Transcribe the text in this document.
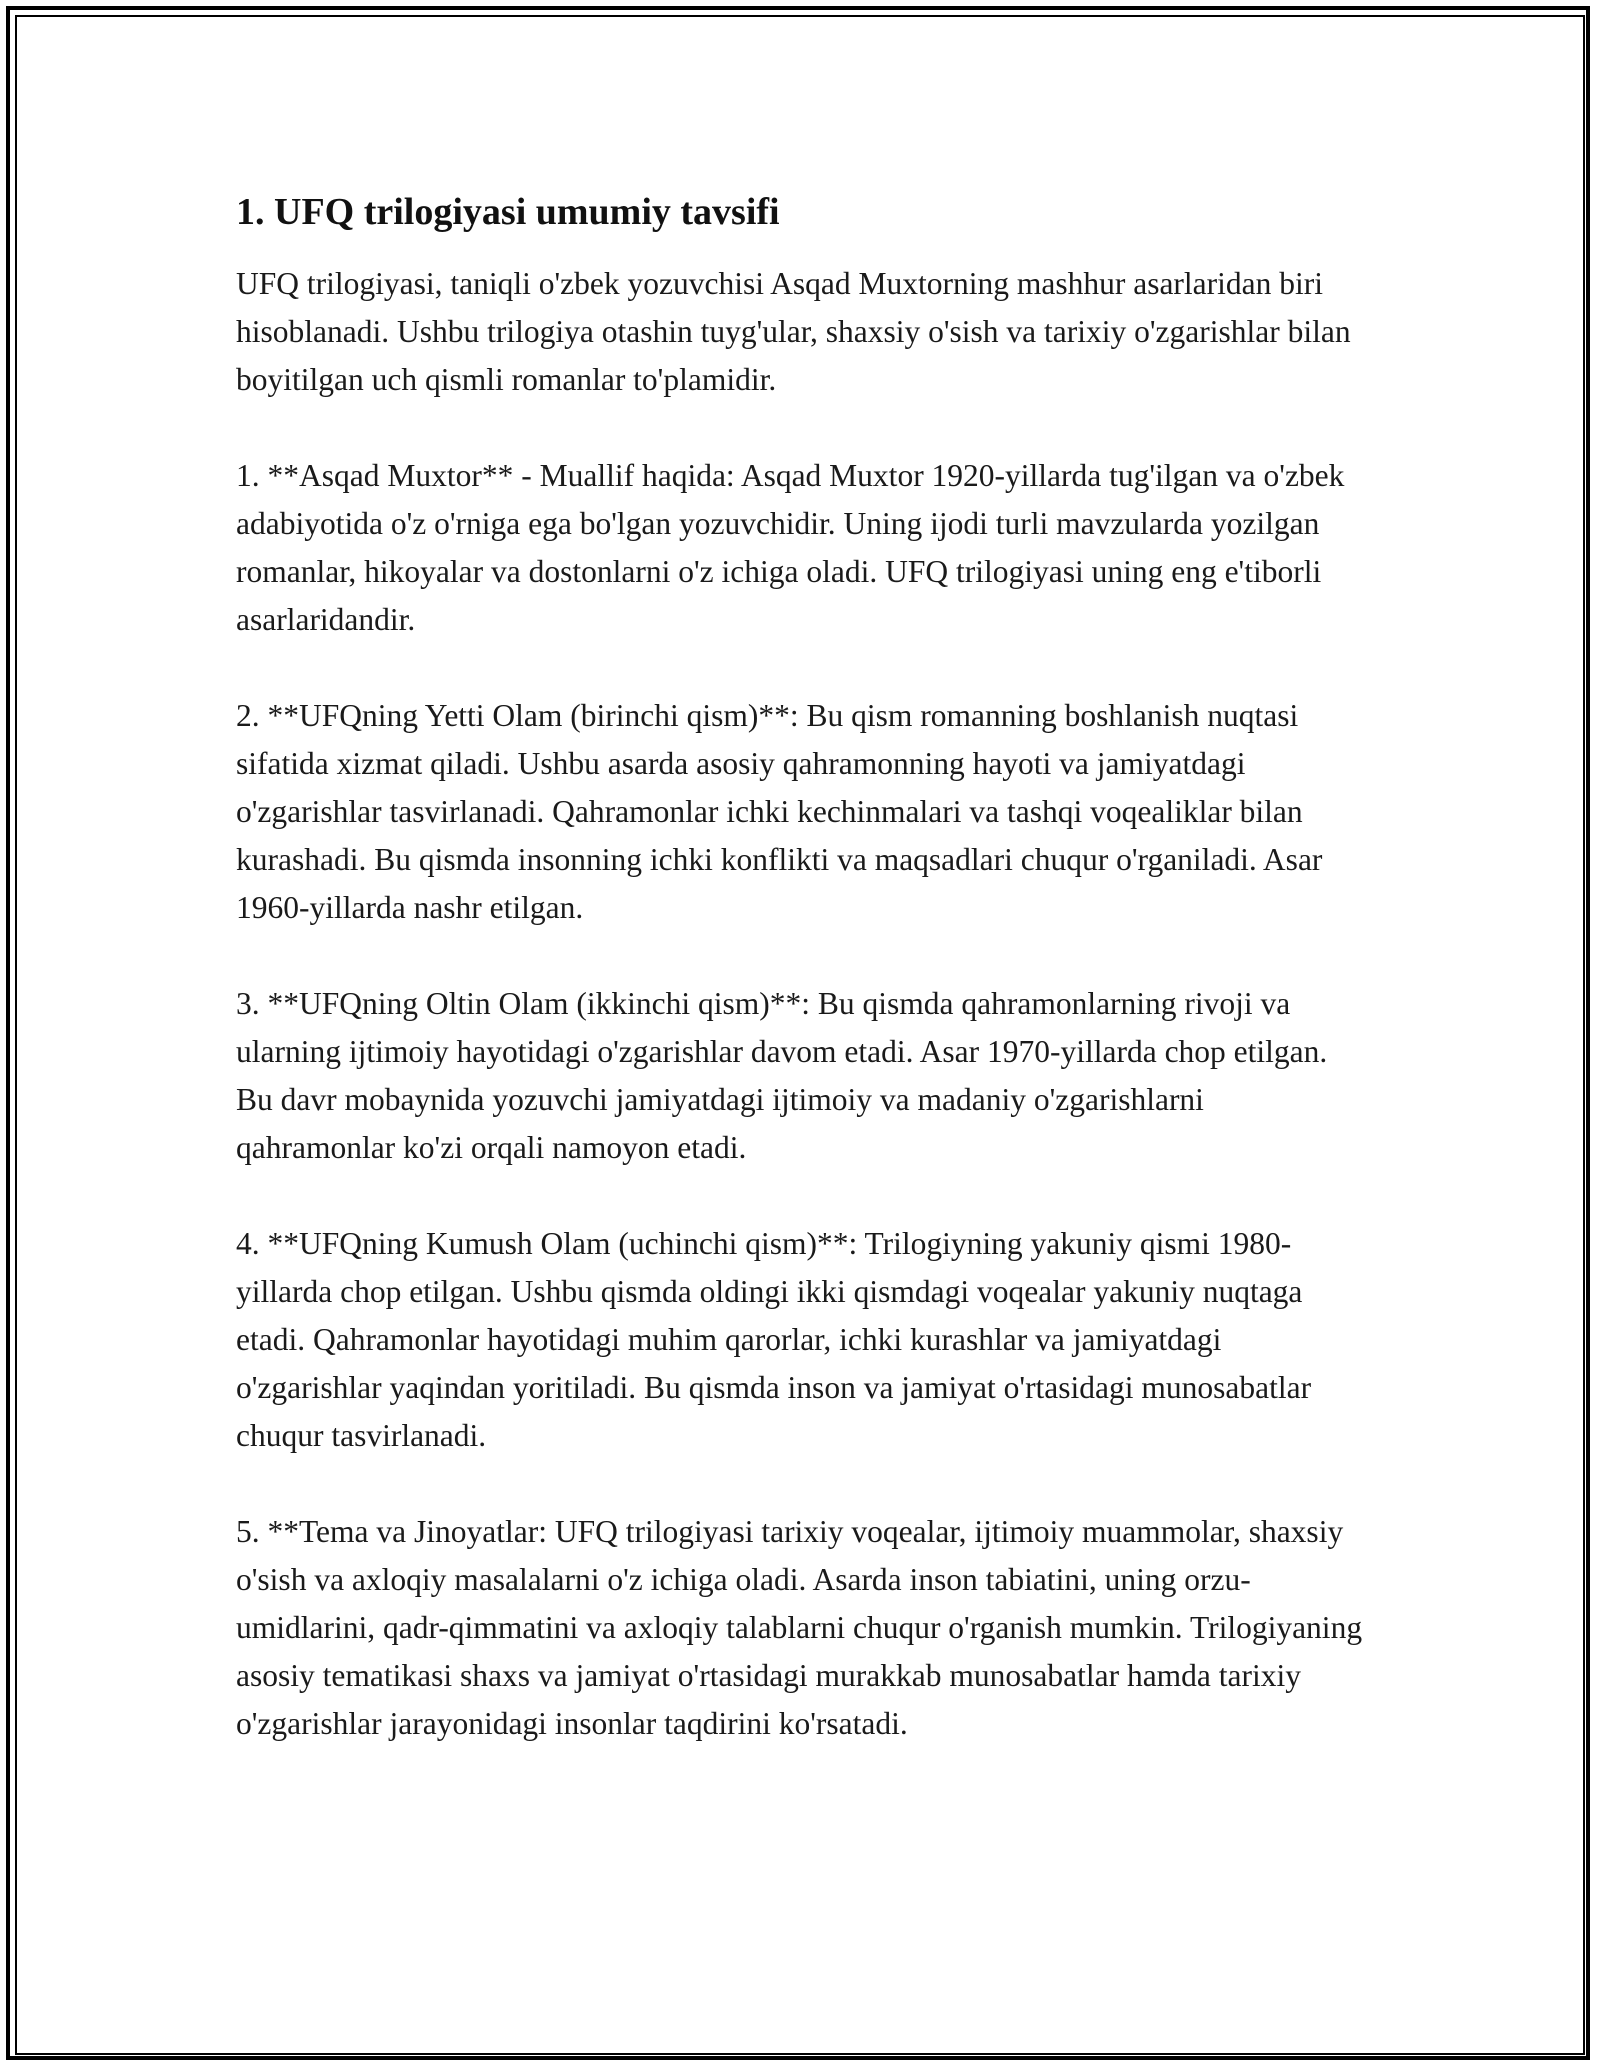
1. UFQ trilogiyasi umumiy tavsifi

UFQ trilogiyasi, taniqli o'zbek yozuvchisi Asqad Muxtorning mashhur asarlaridan biri hisoblanadi. Ushbu trilogiya otashin tuyg'ular, shaxsiy o'sish va tarixiy o'zgarishlar bilan boyitilgan uch qismli romanlar to'plamidir.

1. **Asqad Muxtor** - Muallif haqida: Asqad Muxtor 1920-yillarda tug'ilgan va o'zbek adabiyotida o'z o'rniga ega bo'lgan yozuvchidir. Uning ijodi turli mavzularda yozilgan romanlar, hikoyalar va dostonlarni o'z ichiga oladi. UFQ trilogiyasi uning eng e'tiborli asarlaridandir.

2. **UFQning Yetti Olam (birinchi qism)**: Bu qism romanning boshlanish nuqtasi sifatida xizmat qiladi. Ushbu asarda asosiy qahramonning hayoti va jamiyatdagi o'zgarishlar tasvirlanadi. Qahramonlar ichki kechinmalari va tashqi voqealiklar bilan kurashadi. Bu qismda insonning ichki konflikti va maqsadlari chuqur o'rganiladi. Asar 1960-yillarda nashr etilgan.

3. **UFQning Oltin Olam (ikkinchi qism)**: Bu qismda qahramonlarning rivoji va ularning ijtimoiy hayotidagi o'zgarishlar davom etadi. Asar 1970-yillarda chop etilgan. Bu davr mobaynida yozuvchi jamiyatdagi ijtimoiy va madaniy o'zgarishlarni qahramonlar ko'zi orqali namoyon etadi.

4. **UFQning Kumush Olam (uchinchi qism)**: Trilogiyning yakuniy qismi 1980-yillarda chop etilgan. Ushbu qismda oldingi ikki qismdagi voqealar yakuniy nuqtaga etadi. Qahramonlar hayotidagi muhim qarorlar, ichki kurashlar va jamiyatdagi o'zgarishlar yaqindan yoritiladi. Bu qismda inson va jamiyat o'rtasidagi munosabatlar chuqur tasvirlanadi.

5. **Tema va Jinoyatlar: UFQ trilogiyasi tarixiy voqealar, ijtimoiy muammolar, shaxsiy o'sish va axloqiy masalalarni o'z ichiga oladi. Asarda inson tabiatini, uning orzu-umidlarini, qadr-qimmatini va axloqiy talablarni chuqur o'rganish mumkin. Trilogiyaning asosiy tematikasi shaxs va jamiyat o'rtasidagi murakkab munosabatlar hamda tarixiy o'zgarishlar jarayonidagi insonlar taqdirini ko'rsatadi.
